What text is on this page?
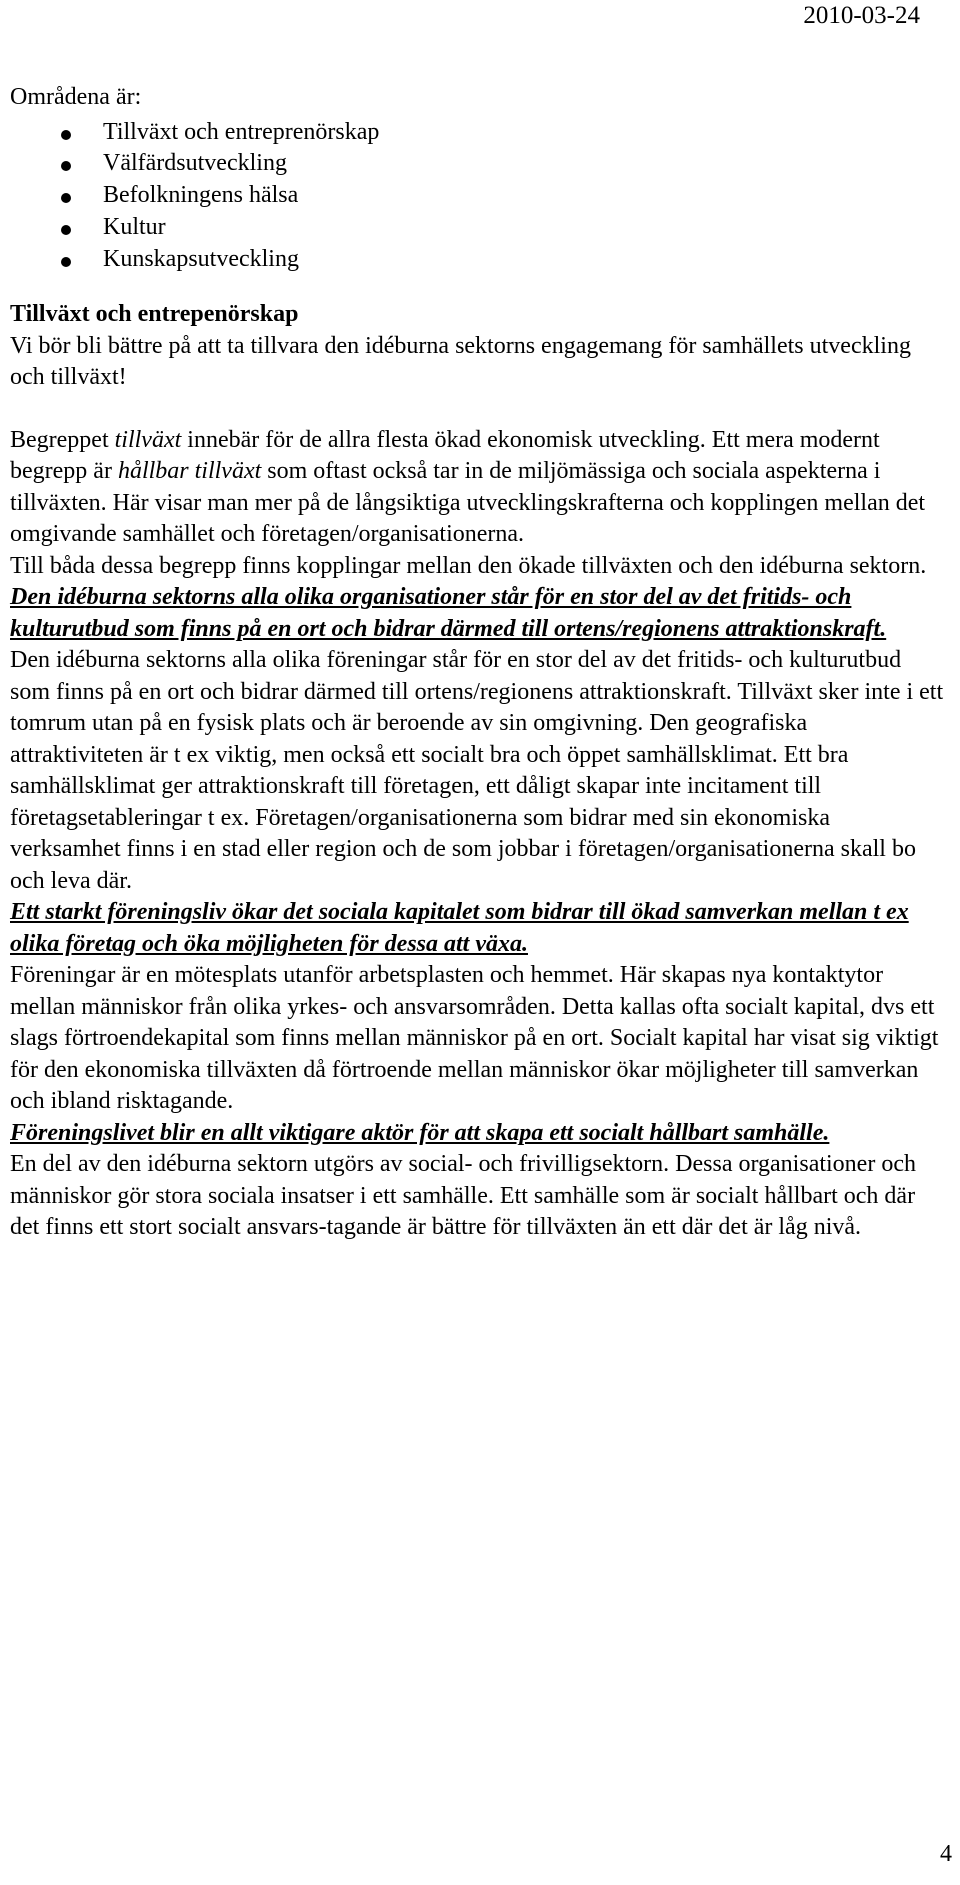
2010-03-24

Områdena är:

Tillväxt och entreprenörskap
Välfärdsutveckling
Befolkningens hälsa
Kultur
Kunskapsutveckling

Tillväxt och entrepenörskap

Vi bör bli bättre på att ta tillvara den idéburna sektorns engagemang för samhällets utveckling och tillväxt!

Begreppet tillväxt innebär för de allra flesta ökad ekonomisk utveckling. Ett mera modernt begrepp är hållbar tillväxt som oftast också tar in de miljömässiga och sociala aspekterna i tillväxten. Här visar man mer på de långsiktiga utvecklingskrafterna och kopplingen mellan det omgivande samhället och företagen/organisationerna.

Till båda dessa begrepp finns kopplingar mellan den ökade tillväxten och den idéburna sektorn.

Den idéburna sektorns alla olika organisationer står för en stor del av det fritids- och kulturutbud som finns på en ort och bidrar därmed till ortens/regionens attraktionskraft.

Den idéburna sektorns alla olika föreningar står för en stor del av det fritids- och kulturutbud som finns på en ort och bidrar därmed till ortens/regionens attraktionskraft. Tillväxt sker inte i ett tomrum utan på en fysisk plats och är beroende av sin omgivning. Den geografiska attraktiviteten är t ex viktig, men också ett socialt bra och öppet samhällsklimat. Ett bra samhällsklimat ger attraktionskraft till företagen, ett dåligt skapar inte incitament till företagsetableringar t ex. Företagen/organisationerna som bidrar med sin ekonomiska verksamhet finns i en stad eller region och de som jobbar i företagen/organisationerna skall bo och leva där.

Ett starkt föreningsliv ökar det sociala kapitalet som bidrar till ökad samverkan mellan t ex olika företag och öka möjligheten för dessa att växa.

Föreningar är en mötesplats utanför arbetsplasten och hemmet. Här skapas nya kontaktytor mellan människor från olika yrkes- och ansvarsområden. Detta kallas ofta socialt kapital, dvs ett slags förtroendekapital som finns mellan människor på en ort. Socialt kapital har visat sig viktigt för den ekonomiska tillväxten då förtroende mellan människor ökar möjligheter till samverkan och ibland risktagande.

Föreningslivet blir en allt viktigare aktör för att skapa ett socialt hållbart samhälle.

En del av den idéburna sektorn utgörs av social- och frivilligsektorn. Dessa organisationer och människor gör stora sociala insatser i ett samhälle. Ett samhälle som är socialt hållbart och där det finns ett stort socialt ansvars-tagande är bättre för tillväxten än ett där det är låg nivå.

4
